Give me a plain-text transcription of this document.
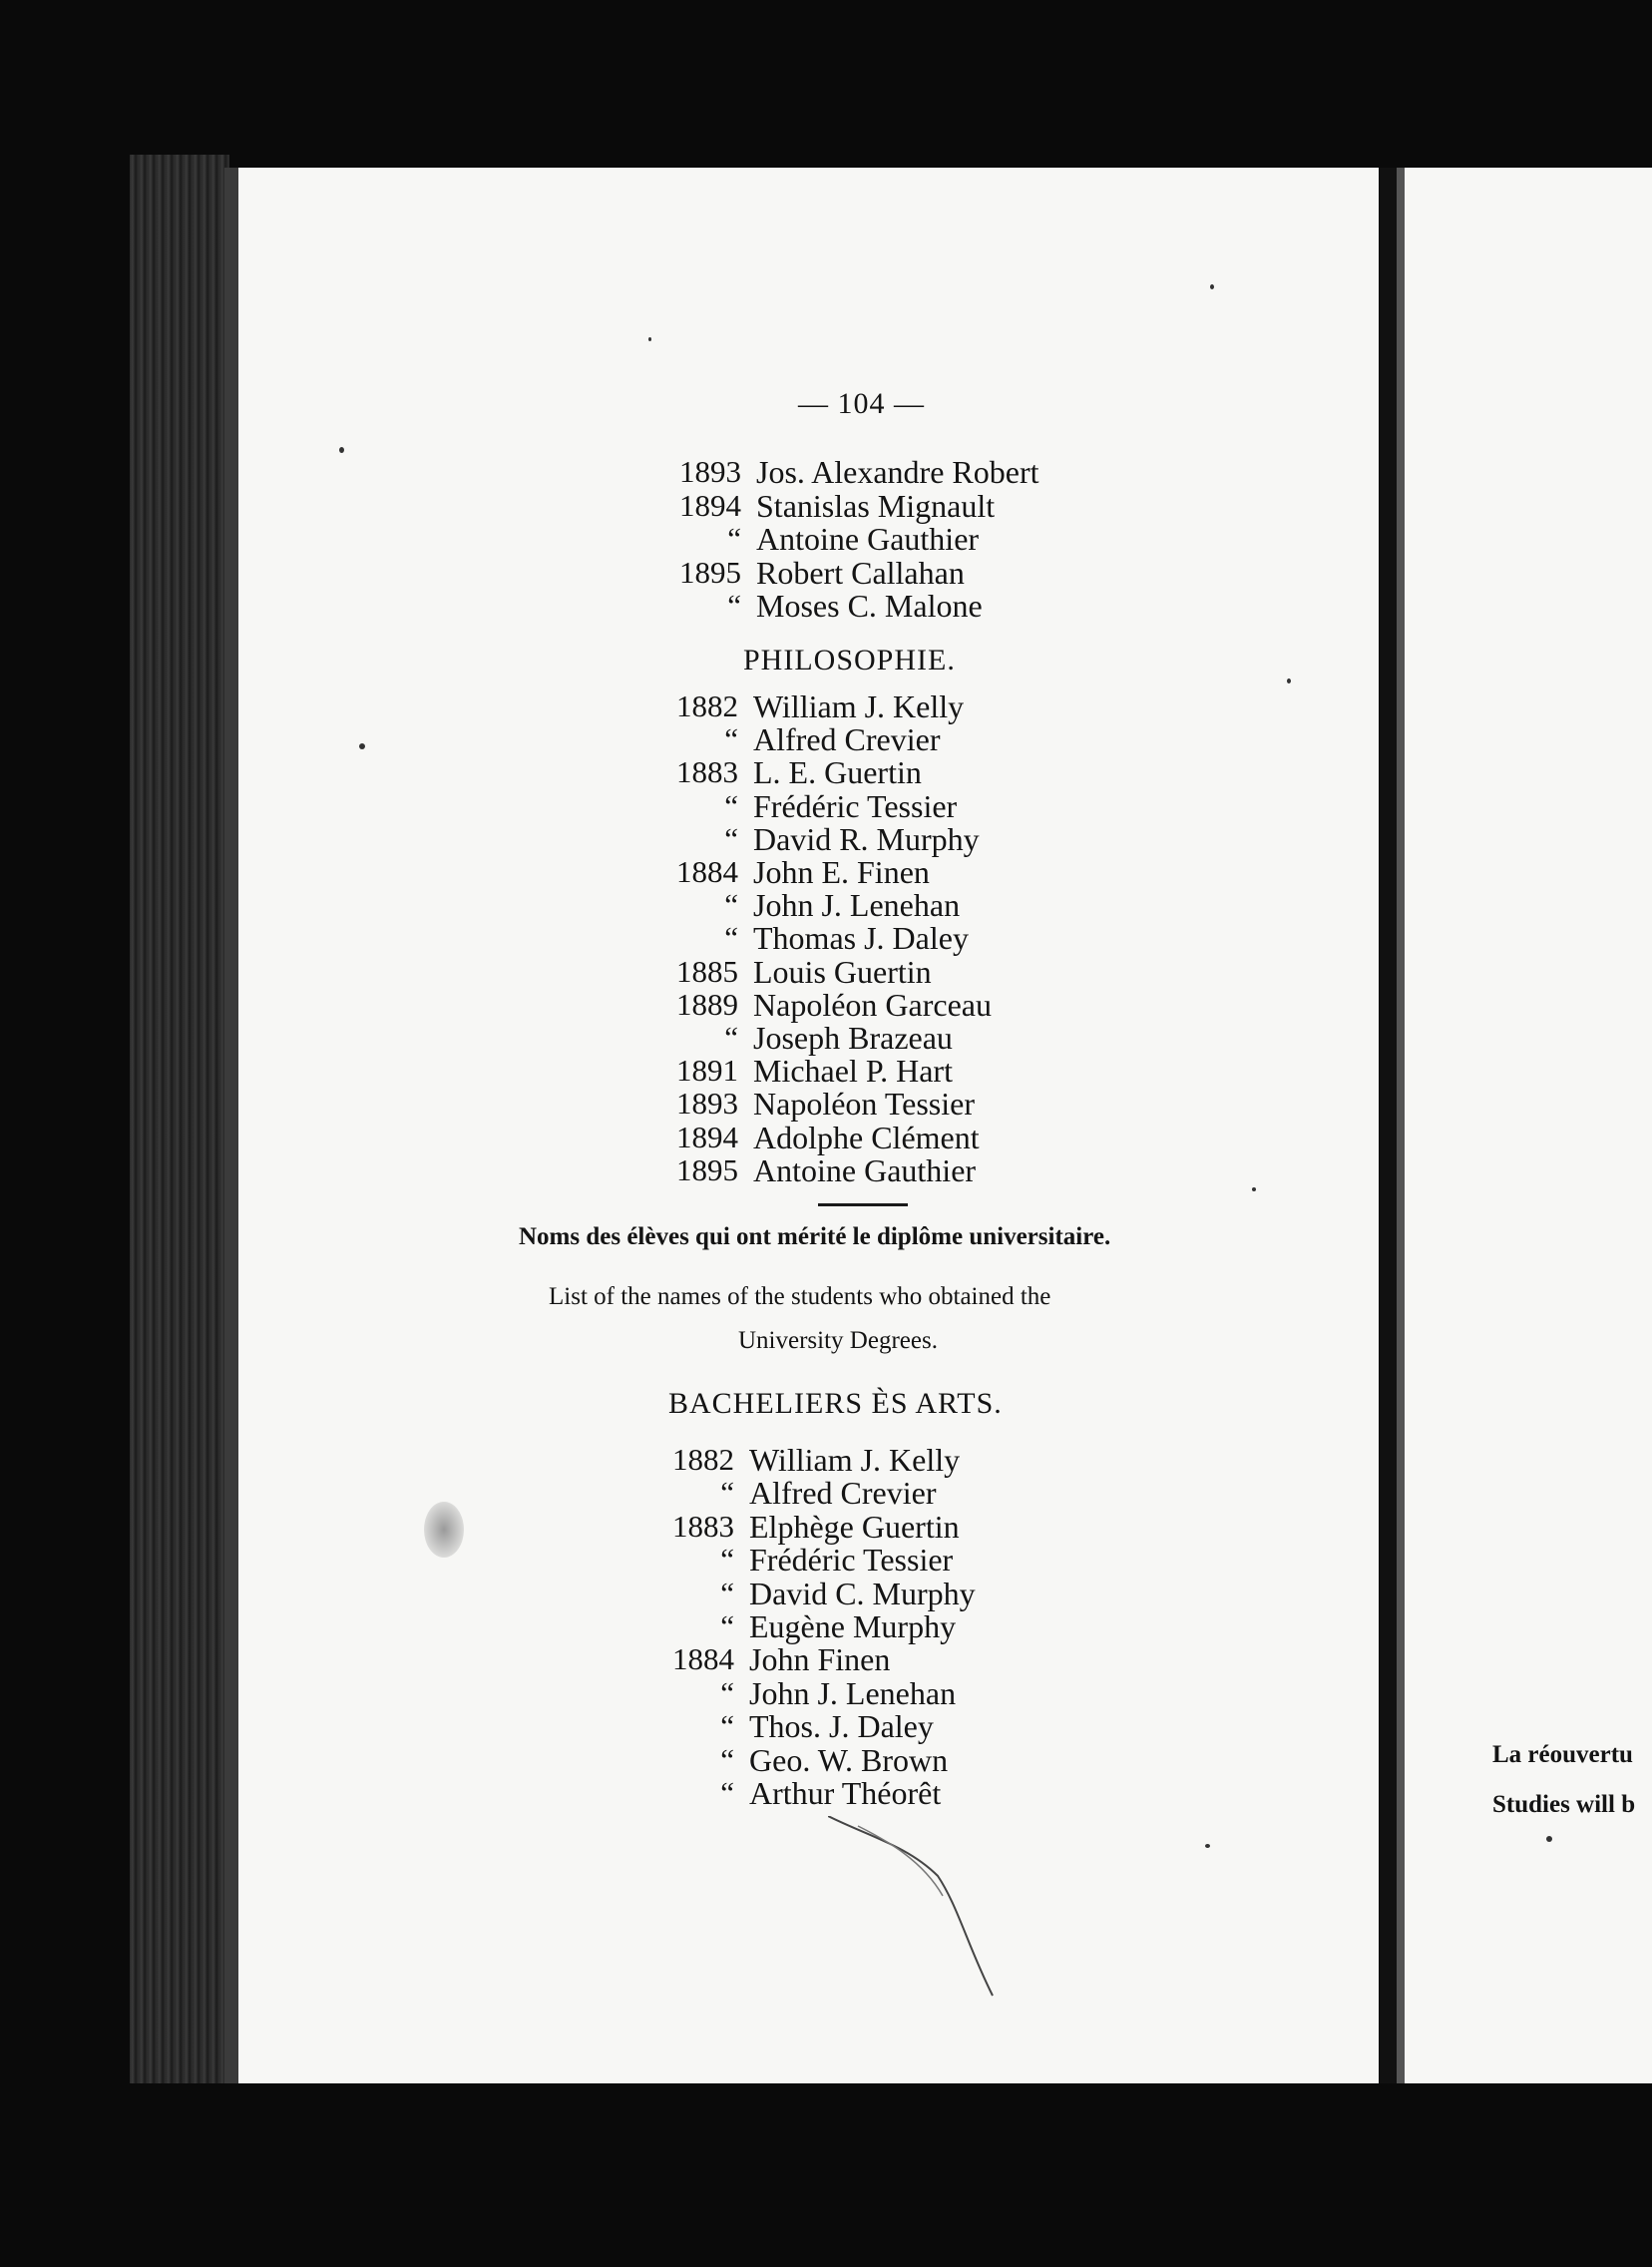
— 104 —
1893 Jos. Alexandre Robert
1894 Stanislas Mignault
“ Antoine Gauthier
1895 Robert Callahan
“ Moses C. Malone
PHILOSOPHIE.
1882 William J. Kelly
“ Alfred Crevier
1883 L. E. Guertin
“ Frédéric Tessier
“ David R. Murphy
1884 John E. Finen
“ John J. Lenehan
“ Thomas J. Daley
1885 Louis Guertin
1889 Napoléon Garceau
“ Joseph Brazeau
1891 Michael P. Hart
1893 Napoléon Tessier
1894 Adolphe Clément
1895 Antoine Gauthier
Noms des élèves qui ont mérité le diplôme universitaire.
List of the names of the students who obtained the
University Degrees.
BACHELIERS ÈS ARTS.
1882 William J. Kelly
“ Alfred Crevier
1883 Elphège Guertin
“ Frédéric Tessier
“ David C. Murphy
“ Eugène Murphy
1884 John Finen
“ John J. Lenehan
“ Thos. J. Daley
“ Geo. W. Brown
“ Arthur Théorêt
La réouvertu
Studies will b
